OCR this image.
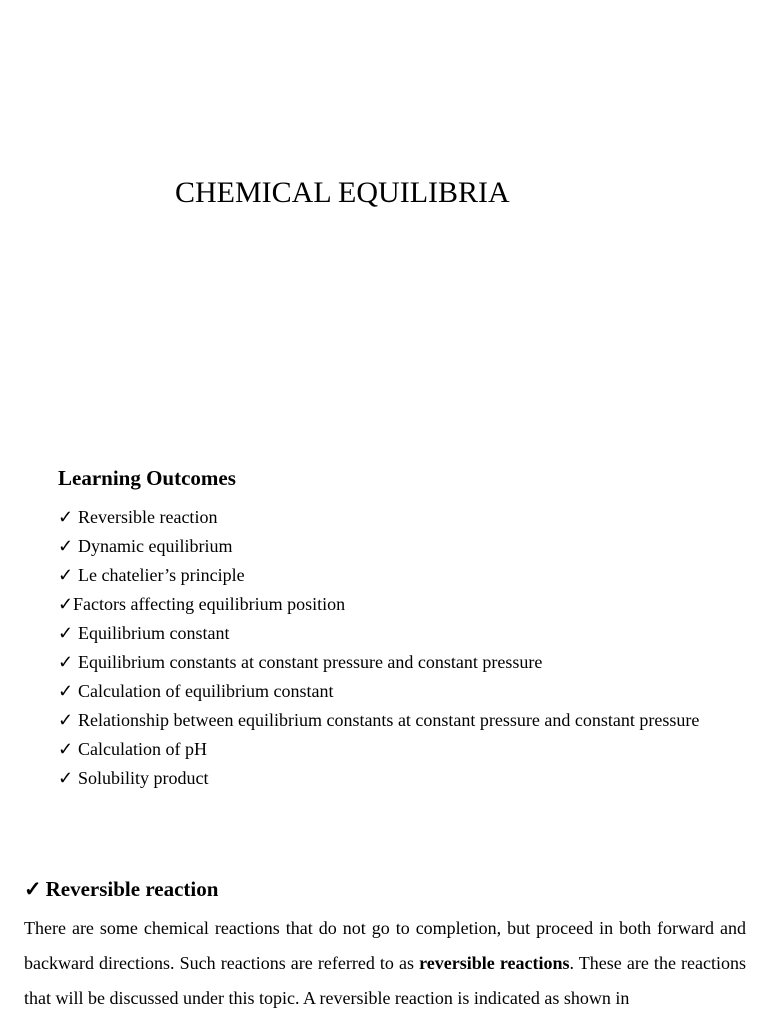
CHEMICAL EQUILIBRIA
Learning Outcomes
✓ Reversible reaction
✓ Dynamic equilibrium
✓ Le chatelier’s principle
✓ Factors affecting equilibrium position
✓ Equilibrium constant
✓ Equilibrium constants at constant pressure and constant pressure
✓ Calculation of equilibrium constant
✓ Relationship between equilibrium constants at constant pressure and constant pressure
✓ Calculation of pH
✓ Solubility product
✓ Reversible reaction

There are some chemical reactions that do not go to completion, but proceed in both forward and backward directions. Such reactions are referred to as reversible reactions. These are the reactions that will be discussed under this topic. A reversible reaction is indicated as shown in
